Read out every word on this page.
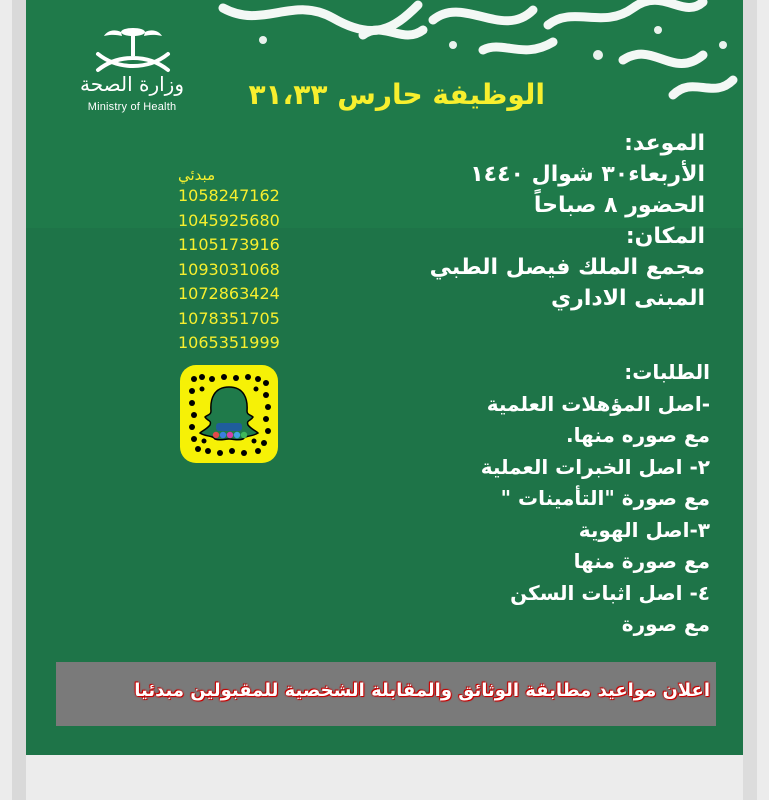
وزارة الصحة
Ministry of Health	الوظيفة حارس ٣١،٣٣
الموعد:
الأربعاء٣٠ شوال ١٤٤٠
الحضور ٨ صباحاً
المكان:
مجمع الملك فيصل الطبي
المبنى الاداري
مبدئي
1058247162
1045925680
1105173916
1093031068
1072863424
1078351705
1065351999
الطلبات:
-اصل المؤهلات العلمية
مع صوره منها.
٢- اصل الخبرات العملية
مع صورة "التأمينات "
٣-اصل الهوية
مع صورة منها
٤- اصل اثبات السكن
مع صورة
اعلان مواعيد مطابقة الوثائق والمقابلة الشخصية للمقبولين مبدئيا
